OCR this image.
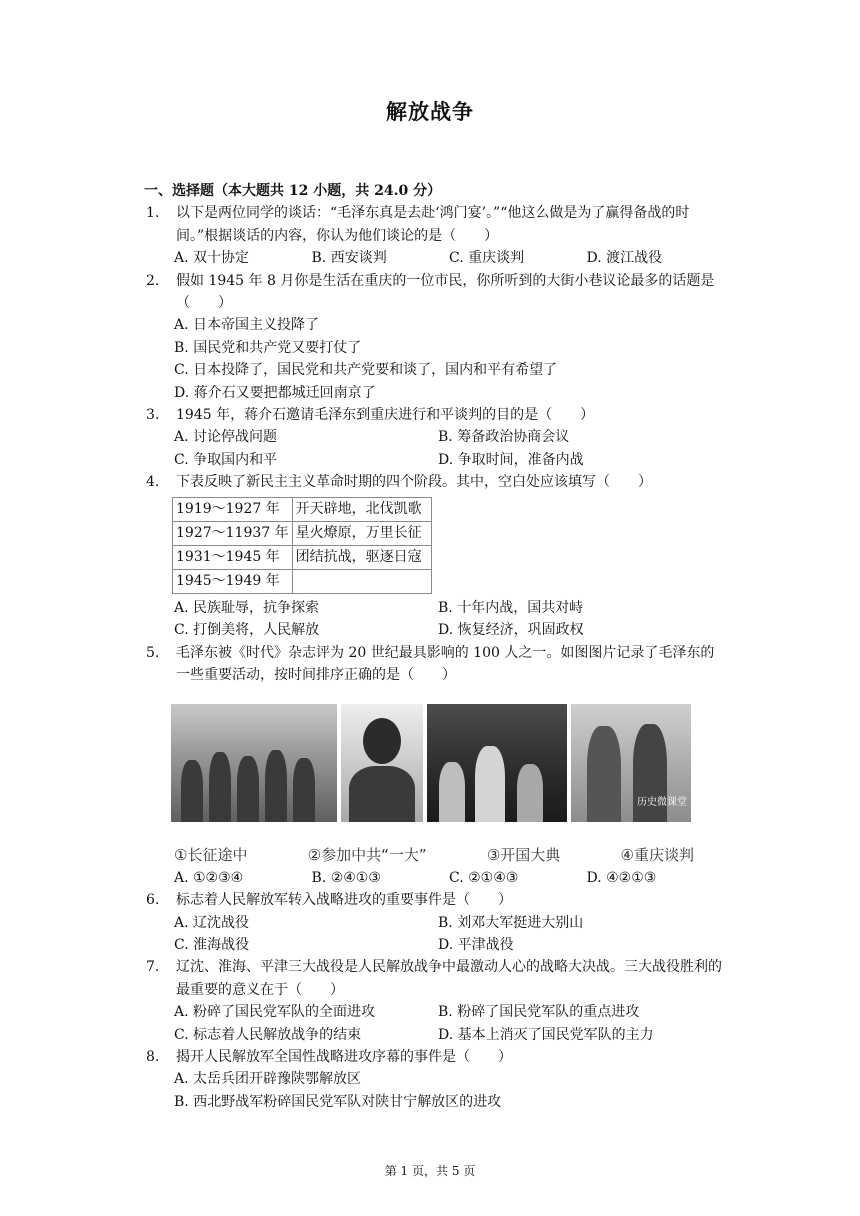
解放战争
一、选择题（本大题共 12 小题，共 24.0 分）
1.	以下是两位同学的谈话：“毛泽东真是去赴‘鸿门宴’。”“他这么做是为了赢得备战的时间。”根据谈话的内容，你认为他们谈论的是（　　）
A. 双十协定	B. 西安谈判	C. 重庆谈判	D. 渡江战役
2.	假如 1945 年 8 月你是生活在重庆的一位市民，你所听到的大街小巷议论最多的话题是（　　）
A. 日本帝国主义投降了
B. 国民党和共产党又要打仗了
C. 日本投降了，国民党和共产党要和谈了，国内和平有希望了
D. 蒋介石又要把都城迁回南京了
3.	1945 年，蒋介石邀请毛泽东到重庆进行和平谈判的目的是（　　）
A. 讨论停战问题	B. 筹备政治协商会议
C. 争取国内和平	D. 争取时间，准备内战
4.	下表反映了新民主主义革命时期的四个阶段。其中，空白处应该填写（　　）
1919～1927 年	开天辟地，北伐凯歌
1927～11937 年	星火燎原，万里长征
1931～1945 年	团结抗战，驱逐日寇
1945～1949 年	
A. 民族耻辱，抗争探索	B. 十年内战，国共对峙
C. 打倒美将，人民解放	D. 恢复经济，巩固政权
5.	毛泽东被《时代》杂志评为 20 世纪最具影响的 100 人之一。如图图片记录了毛泽东的一些重要活动，按时间排序正确的是（　　）
历史微课堂
①长征途中	②参加中共“一大”	③开国大典	④重庆谈判
A. ①②③④	B. ②④①③	C. ②①④③	D. ④②①③
6.	标志着人民解放军转入战略进攻的重要事件是（　　）
A. 辽沈战役	B. 刘邓大军挺进大别山
C. 淮海战役	D. 平津战役
7.	辽沈、淮海、平津三大战役是人民解放战争中最激动人心的战略大决战。三大战役胜利的最重要的意义在于（　　）
A. 粉碎了国民党军队的全面进攻	B. 粉碎了国民党军队的重点进攻
C. 标志着人民解放战争的结束	D. 基本上消灭了国民党军队的主力
8.	揭开人民解放军全国性战略进攻序幕的事件是（　　）
A. 太岳兵团开辟豫陕鄂解放区
B. 西北野战军粉碎国民党军队对陕甘宁解放区的进攻
第 1 页，共 5 页
